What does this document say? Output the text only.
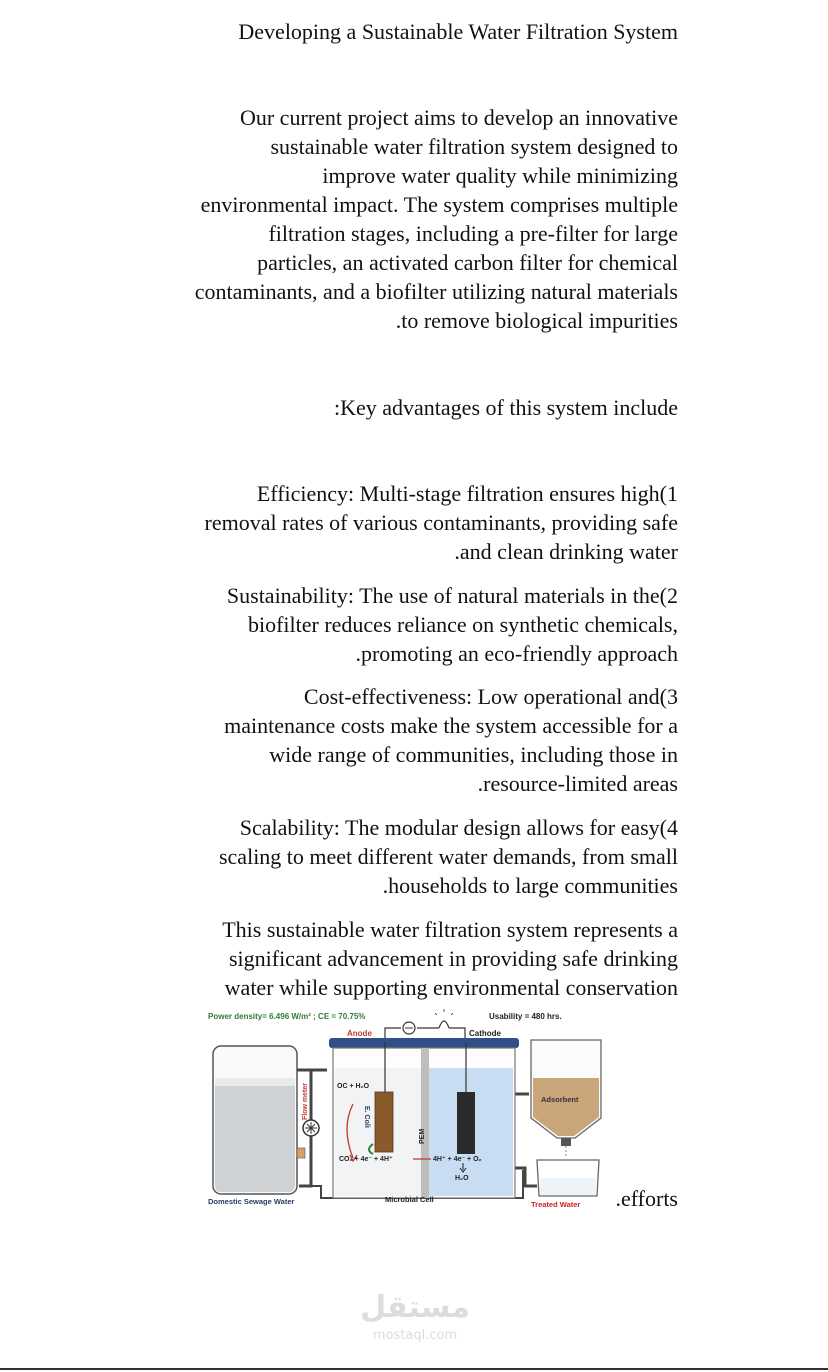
Developing a Sustainable Water Filtration System
Our current project aims to develop an innovative
sustainable water filtration system designed to
improve water quality while minimizing
environmental impact. The system comprises multiple
filtration stages, including a pre-filter for large
particles, an activated carbon filter for chemical
contaminants, and a biofilter utilizing natural materials
.to remove biological impurities
:Key advantages of this system include
Efficiency: Multi-stage filtration ensures high(1
removal rates of various contaminants, providing safe
.and clean drinking water
Sustainability: The use of natural materials in the(2
biofilter reduces reliance on synthetic chemicals,
.promoting an eco-friendly approach
Cost-effectiveness: Low operational and(3
maintenance costs make the system accessible for a
wide range of communities, including those in
.resource-limited areas
Scalability: The modular design allows for easy(4
scaling to meet different water demands, from small
.households to large communities
This sustainable water filtration system represents a
significant advancement in providing safe drinking
water while supporting environmental conservation
.efforts
Power density= 6.496 W/m² ; CE = 70.75%	Usability = 480 hrs.
Anode	Cathode
Domestic Sewage Water
Flow meter	OC + H₂O
E. Coli
PEM
CO₂ + 4e⁻ + 4H⁺	4H⁺ + 4e⁻ + O₂
H₂O
Microbial Cell
Adsorbent
Treated Water
مستقل
mostaql.com
